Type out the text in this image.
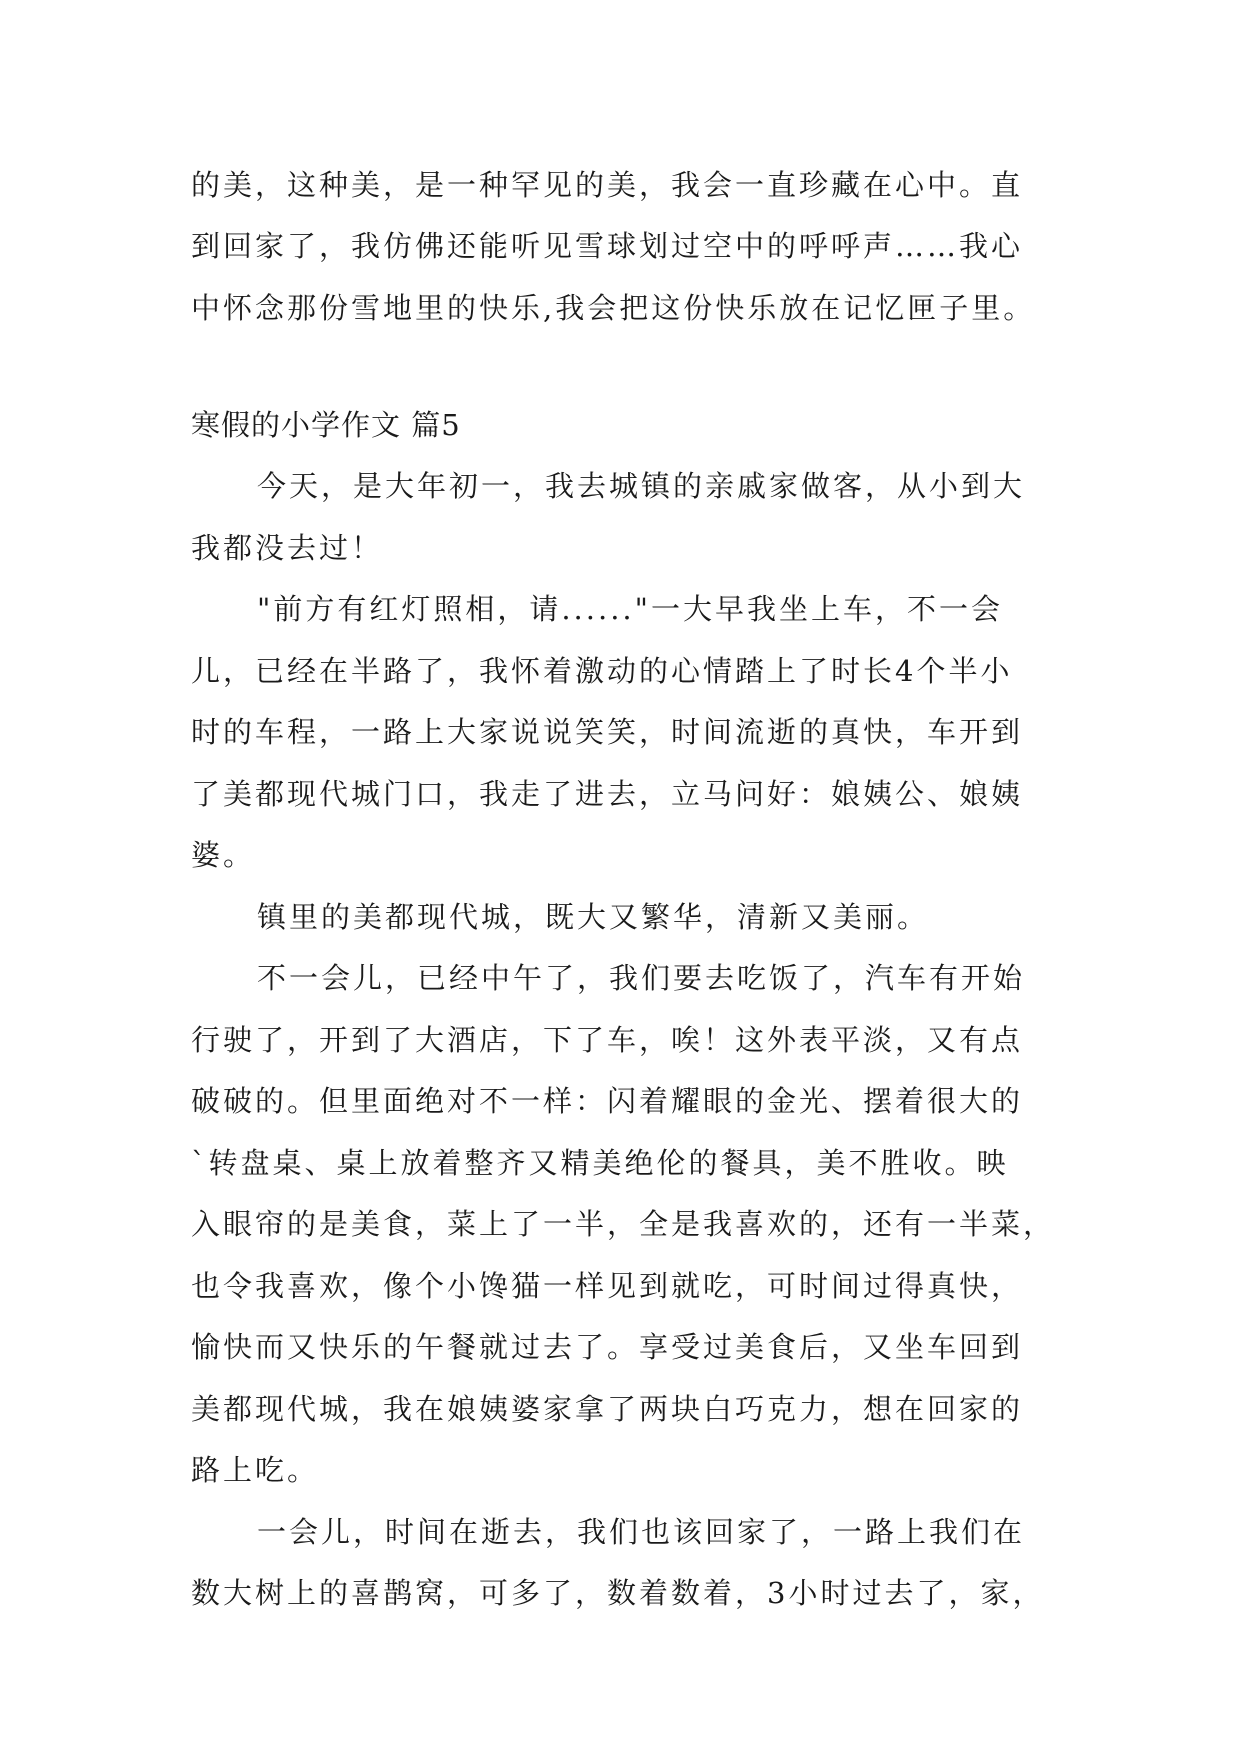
的美，这种美，是一种罕见的美，我会一直珍藏在心中。直
到回家了，我仿佛还能听见雪球划过空中的呼呼声……我心
中怀念那份雪地里的快乐,我会把这份快乐放在记忆匣子里。
寒假的小学作文 篇5
今天，是大年初一，我去城镇的亲戚家做客，从小到大
我都没去过！
"前方有红灯照相，请......"一大早我坐上车，不一会
儿，已经在半路了，我怀着激动的心情踏上了时长4个半小
时的车程，一路上大家说说笑笑，时间流逝的真快，车开到
了美都现代城门口，我走了进去，立马问好：娘姨公、娘姨
婆。
镇里的美都现代城，既大又繁华，清新又美丽。
不一会儿，已经中午了，我们要去吃饭了，汽车有开始
行驶了，开到了大酒店，下了车，唉！这外表平淡，又有点
破破的。但里面绝对不一样：闪着耀眼的金光、摆着很大的
`转盘桌、桌上放着整齐又精美绝伦的餐具，美不胜收。映
入眼帘的是美食，菜上了一半，全是我喜欢的，还有一半菜，
也令我喜欢，像个小馋猫一样见到就吃，可时间过得真快，
愉快而又快乐的午餐就过去了。享受过美食后，又坐车回到
美都现代城，我在娘姨婆家拿了两块白巧克力，想在回家的
路上吃。
一会儿，时间在逝去，我们也该回家了，一路上我们在
数大树上的喜鹊窝，可多了，数着数着，3小时过去了，家，
